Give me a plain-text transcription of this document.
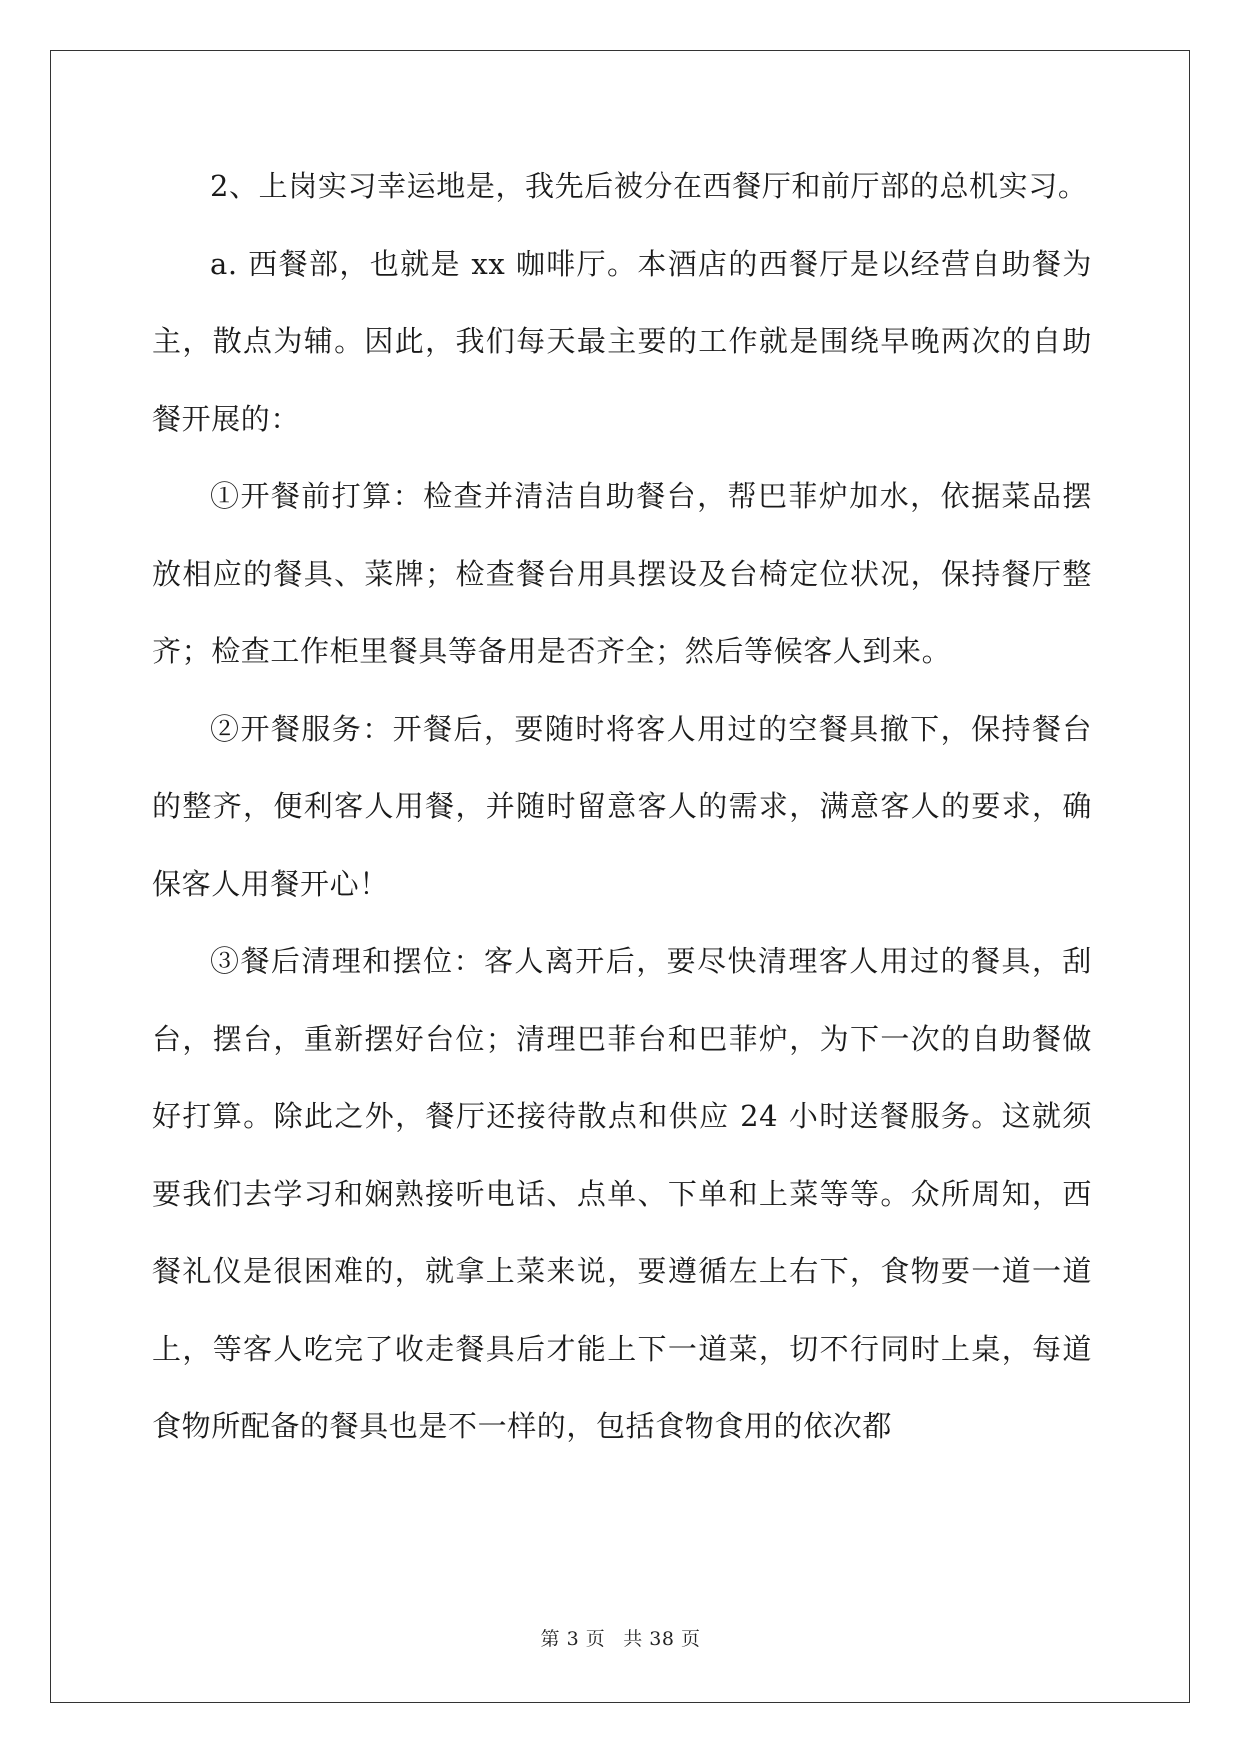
2、上岗实习幸运地是，我先后被分在西餐厅和前厅部的总机实习。

a. 西餐部，也就是 xx 咖啡厅。本酒店的西餐厅是以经营自助餐为主，散点为辅。因此，我们每天最主要的工作就是围绕早晚两次的自助餐开展的：

①开餐前打算：检查并清洁自助餐台，帮巴菲炉加水，依据菜品摆放相应的餐具、菜牌；检查餐台用具摆设及台椅定位状况，保持餐厅整齐；检查工作柜里餐具等备用是否齐全；然后等候客人到来。

②开餐服务：开餐后，要随时将客人用过的空餐具撤下，保持餐台的整齐，便利客人用餐，并随时留意客人的需求，满意客人的要求，确保客人用餐开心！

③餐后清理和摆位：客人离开后，要尽快清理客人用过的餐具，刮台，摆台，重新摆好台位；清理巴菲台和巴菲炉，为下一次的自助餐做好打算。除此之外，餐厅还接待散点和供应 24 小时送餐服务。这就须要我们去学习和娴熟接听电话、点单、下单和上菜等等。众所周知，西餐礼仪是很困难的，就拿上菜来说，要遵循左上右下，食物要一道一道上，等客人吃完了收走餐具后才能上下一道菜，切不行同时上桌，每道食物所配备的餐具也是不一样的，包括食物食用的依次都

第 3 页 共 38 页
